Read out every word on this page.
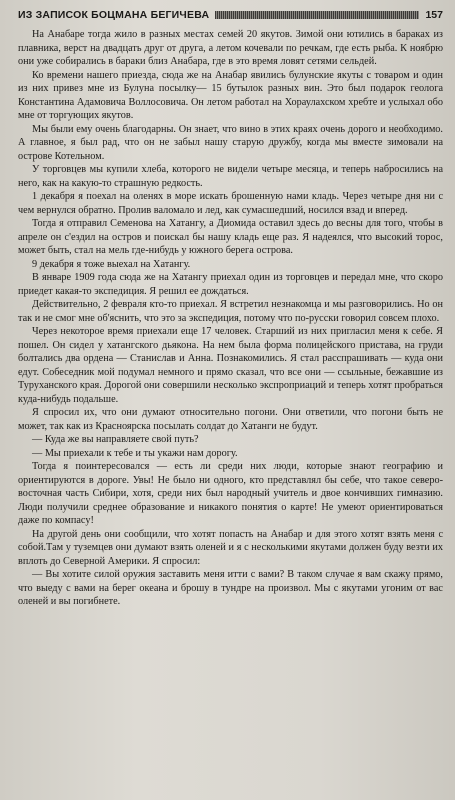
ИЗ ЗАПИСОК БОЦМАНА БЕГИЧЕВА	157

На Анабаре тогда жило в разных местах семей 20 якутов. Зимой они ютились в бараках из плавника, верст на двадцать друг от друга, а летом кочевали по речкам, где есть рыба. К ноябрю они уже собирались в бараки близ Анабара, где в это время ловят сетями сельдей.

Ко времени нашего приезда, сюда же на Анабар явились булунские якуты с товаром и один из них привез мне из Булуна посылку— 15 бутылок разных вин. Это был подарок геолога Константина Адамовича Воллосовича. Он летом работал на Хораулахском хребте и услыхал обо мне от торгующих якутов.

Мы были ему очень благодарны. Он знает, что вино в этих краях очень дорого и необходимо. А главное, я был рад, что он не забыл нашу старую дружбу, когда мы вместе зимовали на острове Котельном.

У торговцев мы купили хлеба, которого не видели четыре месяца, и теперь набросились на него, как на какую-то страшную редкость.

1 декабря я поехал на оленях в море искать брошенную нами кладь. Через четыре дня ни с чем вернулся обратно. Пролив валомало и лед, как сумасшедший, носился взад и вперед.

Тогда я отправил Семенова на Хатангу, а Диомида оставил здесь до весны для того, чтобы в апреле он с'ездил на остров и поискал бы нашу кладь еще раз. Я надеялся, что высокий торос, может быть, стал на мель где-нибудь у южного берега острова.

9 декабря я тоже выехал на Хатангу.

В январе 1909 года сюда же на Хатангу приехал один из торговцев и передал мне, что скоро приедет какая-то экспедиция. Я решил ее дождаться.

Действительно, 2 февраля кто-то приехал. Я встретил незнакомца и мы разговорились. Но он так и не смог мне об'яснить, что это за экспедиция, потому что по-русски говорил совсем плохо.

Через некоторое время приехали еще 17 человек. Старший из них пригласил меня к себе. Я пошел. Он сидел у хатангского дьякона. На нем была форма полицейского пристава, на груди болтались два ордена — Станислав и Анна. Познакомились. Я стал расспрашивать — куда они едут. Собеседник мой подумал немного и прямо сказал, что все они — ссыльные, бежавшие из Туруханского края. Дорогой они совершили несколько экспроприаций и теперь хотят пробраться куда-нибудь подальше.

Я спросил их, что они думают относительно погони. Они ответили, что погони быть не может, так как из Красноярска посылать солдат до Хатанги не будут.

— Куда же вы направляете свой путь?

— Мы приехали к тебе и ты укажи нам дорогу.

Тогда я поинтересовался — есть ли среди них люди, которые знают географию и ориентируются в дороге. Увы! Не было ни одного, кто представлял бы себе, что такое северо-восточная часть Сибири, хотя, среди них был народный учитель и двое кончивших гимназию. Люди получили среднее образование и никакого понятия о карте! Не умеют ориентироваться даже по компасу!

На другой день они сообщили, что хотят попасть на Анабар и для этого хотят взять меня с собой.Там у туземцев они думают взять оленей и я с несколькими якутами должен буду везти их вплоть до Северной Америки. Я спросил:

— Вы хотите силой оружия заставить меня итти с вами? В таком случае я вам скажу прямо, что выеду с вами на берег океана и брошу в тундре на произвол. Мы с якутами угоним от вас оленей и вы погибнете.
